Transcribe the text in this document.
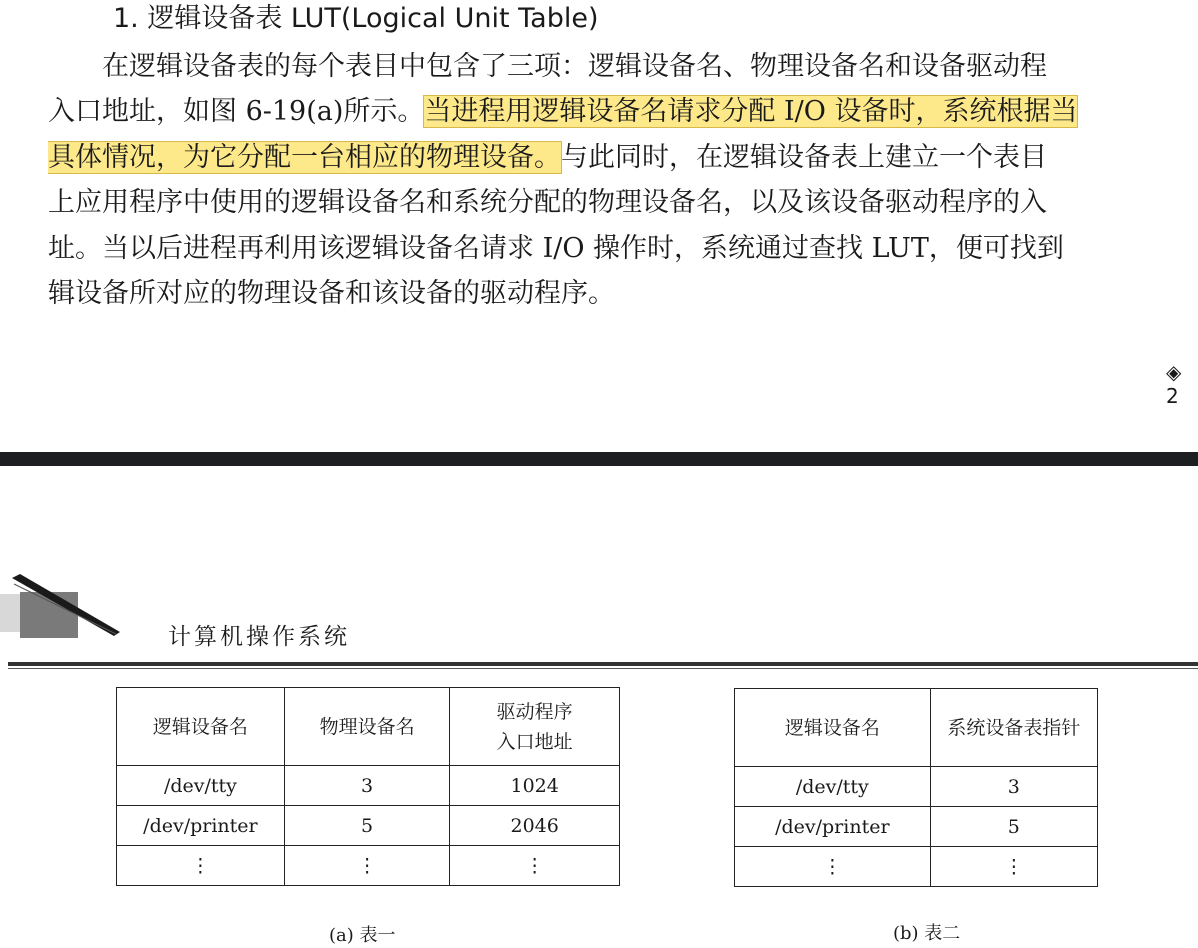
1. 逻辑设备表 LUT(Logical Unit Table)
　　在逻辑设备表的每个表目中包含了三项：逻辑设备名、物理设备名和设备驱动程
入口地址，如图 6-19(a)所示。当进程用逻辑设备名请求分配 I/O 设备时，系统根据当
具体情况，为它分配一台相应的物理设备。与此同时，在逻辑设备表上建立一个表目
上应用程序中使用的逻辑设备名和系统分配的物理设备名，以及该设备驱动程序的入
址。当以后进程再利用该逻辑设备名请求 I/O 操作时，系统通过查找 LUT，便可找到
辑设备所对应的物理设备和该设备的驱动程序。
◈ 2
计算机操作系统
逻辑设备名	物理设备名	驱动程序
入口地址
/dev/tty	3	1024
/dev/printer	5	2046
⋮	⋮	⋮
逻辑设备名	系统设备表指针
/dev/tty	3
/dev/printer	5
⋮	⋮
(a) 表一	(b) 表二
